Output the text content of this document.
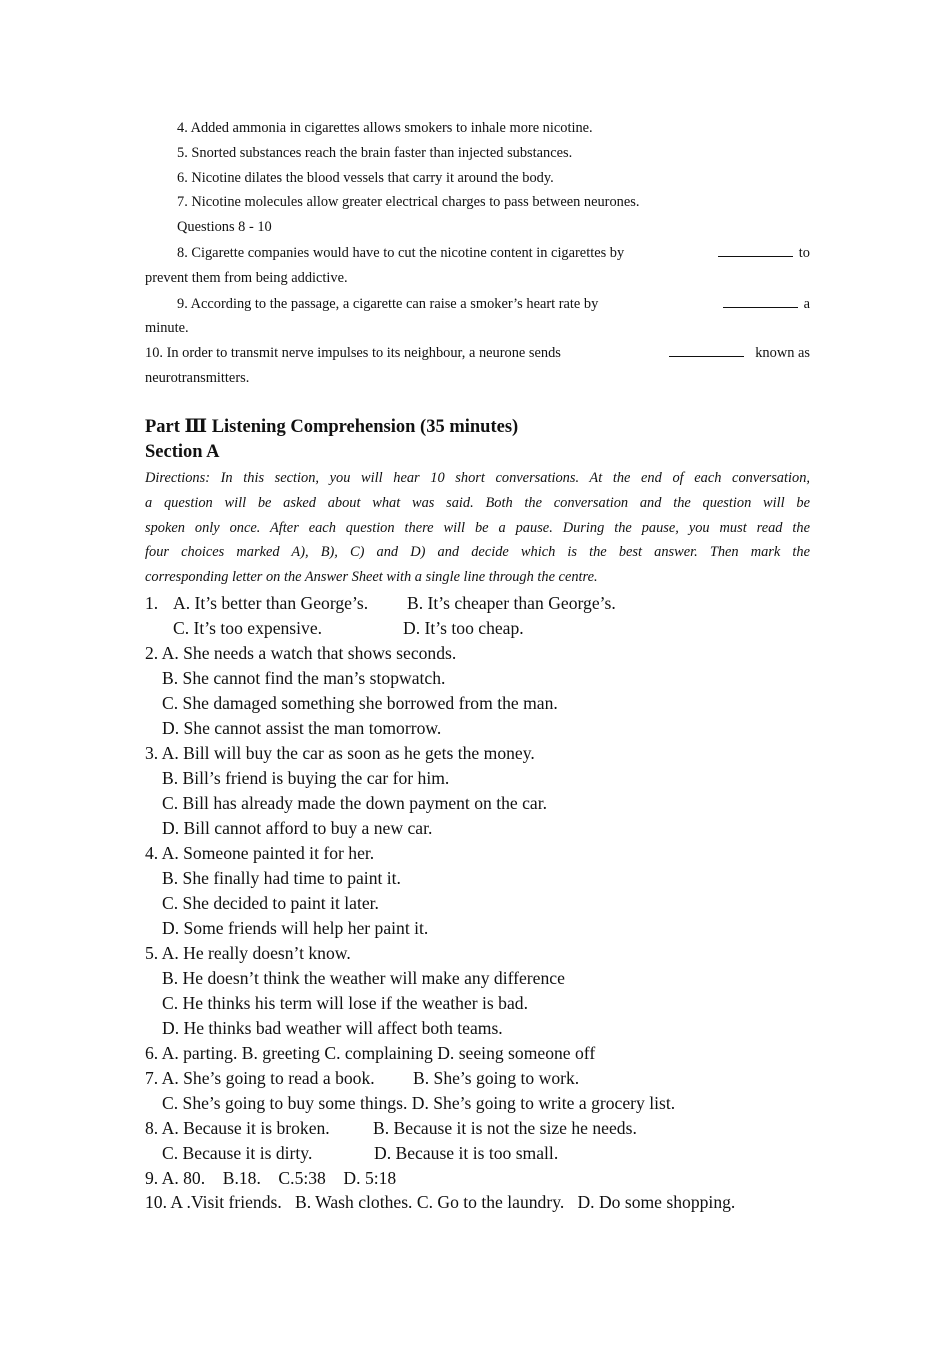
4. Added ammonia in cigarettes allows smokers to inhale more nicotine.
5. Snorted substances reach the brain faster than injected substances.
6. Nicotine dilates the blood vessels that carry it around the body.
7. Nicotine molecules allow greater electrical charges to pass between neurones.
Questions 8 - 10
8. Cigarette companies would have to cut the nicotine content in cigarettes by	to
prevent them from being addictive.
9. According to the passage, a cigarette can raise a smoker’s heart rate by	a
minute.
10. In order to transmit nerve impulses to its neighbour, a neurone sends	known as
neurotransmitters.
Part Ⅲ Listening Comprehension (35 minutes)
Section A
Directions: In this section, you will hear 10 short conversations. At the end of each conversation,
a question will be asked about what was said. Both the conversation and the question will be
spoken only once. After each question there will be a pause. During the pause, you must read the
four choices marked A), B), C) and D) and decide which is the best answer. Then mark the
corresponding letter on the Answer Sheet with a single line through the centre.
1. A. It’s better than George’s. B. It’s cheaper than George’s.
C. It’s too expensive.	D. It’s too cheap.
2. A. She needs a watch that shows seconds.
B. She cannot find the man’s stopwatch.
C. She damaged something she borrowed from the man.
D. She cannot assist the man tomorrow.
3. A. Bill will buy the car as soon as he gets the money.
B. Bill’s friend is buying the car for him.
C. Bill has already made the down payment on the car.
D. Bill cannot afford to buy a new car.
4. A. Someone painted it for her.
B. She finally had time to paint it.
C. She decided to paint it later.
D. Some friends will help her paint it.
5. A. He really doesn’t know.
B. He doesn’t think the weather will make any difference
C. He thinks his term will lose if the weather is bad.
D. He thinks bad weather will affect both teams.
6. A. parting. B. greeting C. complaining D. seeing someone off
7. A. She’s going to read a book. B. She’s going to work.
C. She’s going to buy some things. D. She’s going to write a grocery list.
8. A. Because it is broken. B. Because it is not the size he needs.
C. Because it is dirty.	D. Because it is too small.
9. A. 80.    B.18.    C.5:38    D. 5:18
10. A .Visit friends.   B. Wash clothes. C. Go to the laundry.   D. Do some shopping.
